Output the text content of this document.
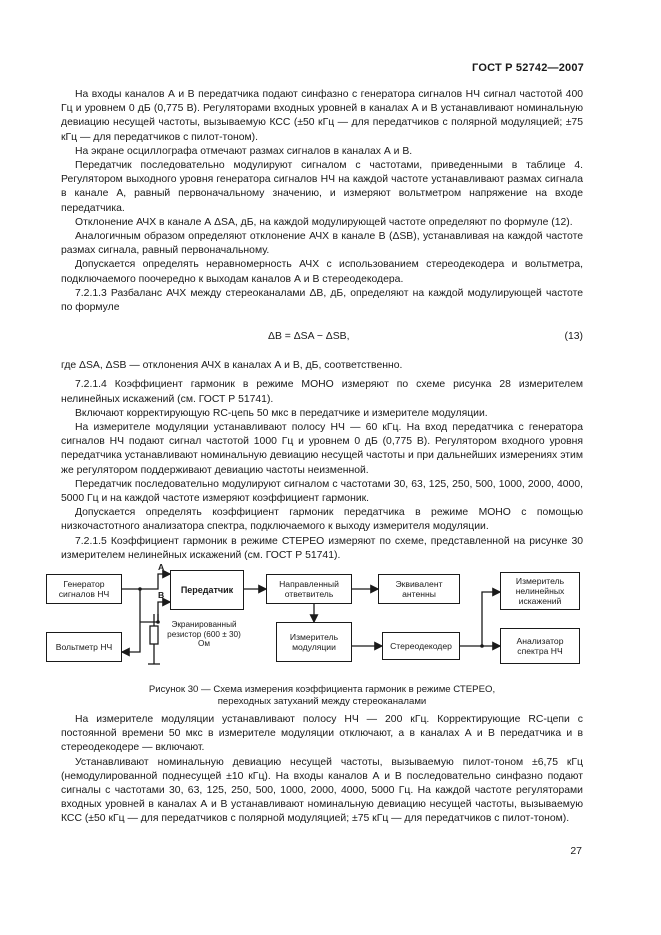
ГОСТ Р 52742—2007

На входы каналов А и В передатчика подают синфазно с генератора сигналов НЧ сигнал частотой 400 Гц и уровнем 0 дБ (0,775 В). Регуляторами входных уровней в каналах А и В устанавливают номинальную девиацию несущей частоты, вызываемую КСС (±50 кГц — для передатчиков с полярной модуляцией; ±75 кГц — для передатчиков с пилот-тоном).

На экране осциллографа отмечают размах сигналов в каналах А и В.

Передатчик последовательно модулируют сигналом с частотами, приведенными в таблице 4. Регулятором выходного уровня генератора сигналов НЧ на каждой частоте устанавливают размах сигнала в канале А, равный первоначальному значению, и измеряют вольтметром напряжение на входе передатчика.

Отклонение АЧХ в канале А ΔSA, дБ, на каждой модулирующей частоте определяют по формуле (12).

Аналогичным образом определяют отклонение АЧХ в канале В (ΔSB), устанавливая на каждой частоте размах сигнала, равный первоначальному.

Допускается определять неравномерность АЧХ с использованием стереодекодера и вольтметра, подключаемого поочередно к выходам каналов А и В стереодекодера.

7.2.1.3 Разбаланс АЧХ между стереоканалами ΔВ, дБ, определяют на каждой модулирующей частоте по формуле

ΔВ = ΔSA − ΔSB,	(13)

где ΔSA, ΔSB — отклонения АЧХ в каналах А и В, дБ, соответственно.

7.2.1.4 Коэффициент гармоник в режиме МОНО измеряют по схеме рисунка 28 измерителем нелинейных искажений (см. ГОСТ Р 51741).

Включают корректирующую RC-цепь 50 мкс в передатчике и измерителе модуляции.

На измерителе модуляции устанавливают полосу НЧ — 60 кГц. На вход передатчика с генератора сигналов НЧ подают сигнал частотой 1000 Гц и уровнем 0 дБ (0,775 В). Регулятором входного уровня передатчика устанавливают номинальную девиацию несущей частоты и при дальнейших измерениях этим же регулятором поддерживают девиацию частоты неизменной.

Передатчик последовательно модулируют сигналом с частотами 30, 63, 125, 250, 500, 1000, 2000, 4000, 5000 Гц и на каждой частоте измеряют коэффициент гармоник.

Допускается определять коэффициент гармоник передатчика в режиме МОНО с помощью низкочастотного анализатора спектра, подключаемого к выходу измерителя модуляции.

7.2.1.5 Коэффициент гармоник в режиме СТЕРЕО измеряют по схеме, представленной на рисунке 30 измерителем нелинейных искажений (см. ГОСТ Р 51741).

А
В
Генератор сигналов НЧ
Вольтметр НЧ
Передатчик
Направленный ответвитель
Эквивалент антенны
Измеритель нелинейных искажений
Измеритель модуляции	Стереодекодер	Анализатор спектра НЧ
Экранированный резистор (600 ± 30) Ом
Рисунок 30 — Схема измерения коэффициента гармоник в режиме СТЕРЕО,
переходных затуханий между стереоканалами

На измерителе модуляции устанавливают полосу НЧ — 200 кГц. Корректирующие RC-цепи с постоянной времени 50 мкс в измерителе модуляции отключают, а в каналах А и В передатчика и в стереодекодере — включают.

Устанавливают номинальную девиацию несущей частоты, вызываемую пилот-тоном ±6,75 кГц (немодулированной поднесущей ±10 кГц). На входы каналов А и В последовательно синфазно подают сигналы с частотами 30, 63, 125, 250, 500, 1000, 2000, 4000, 5000 Гц. На каждой частоте регуляторами входных уровней в каналах А и В устанавливают номинальную девиацию несущей частоты, вызываемую КСС (±50 кГц — для передатчиков с полярной модуляцией; ±75 кГц — для передатчиков с пилот-тоном).

27
